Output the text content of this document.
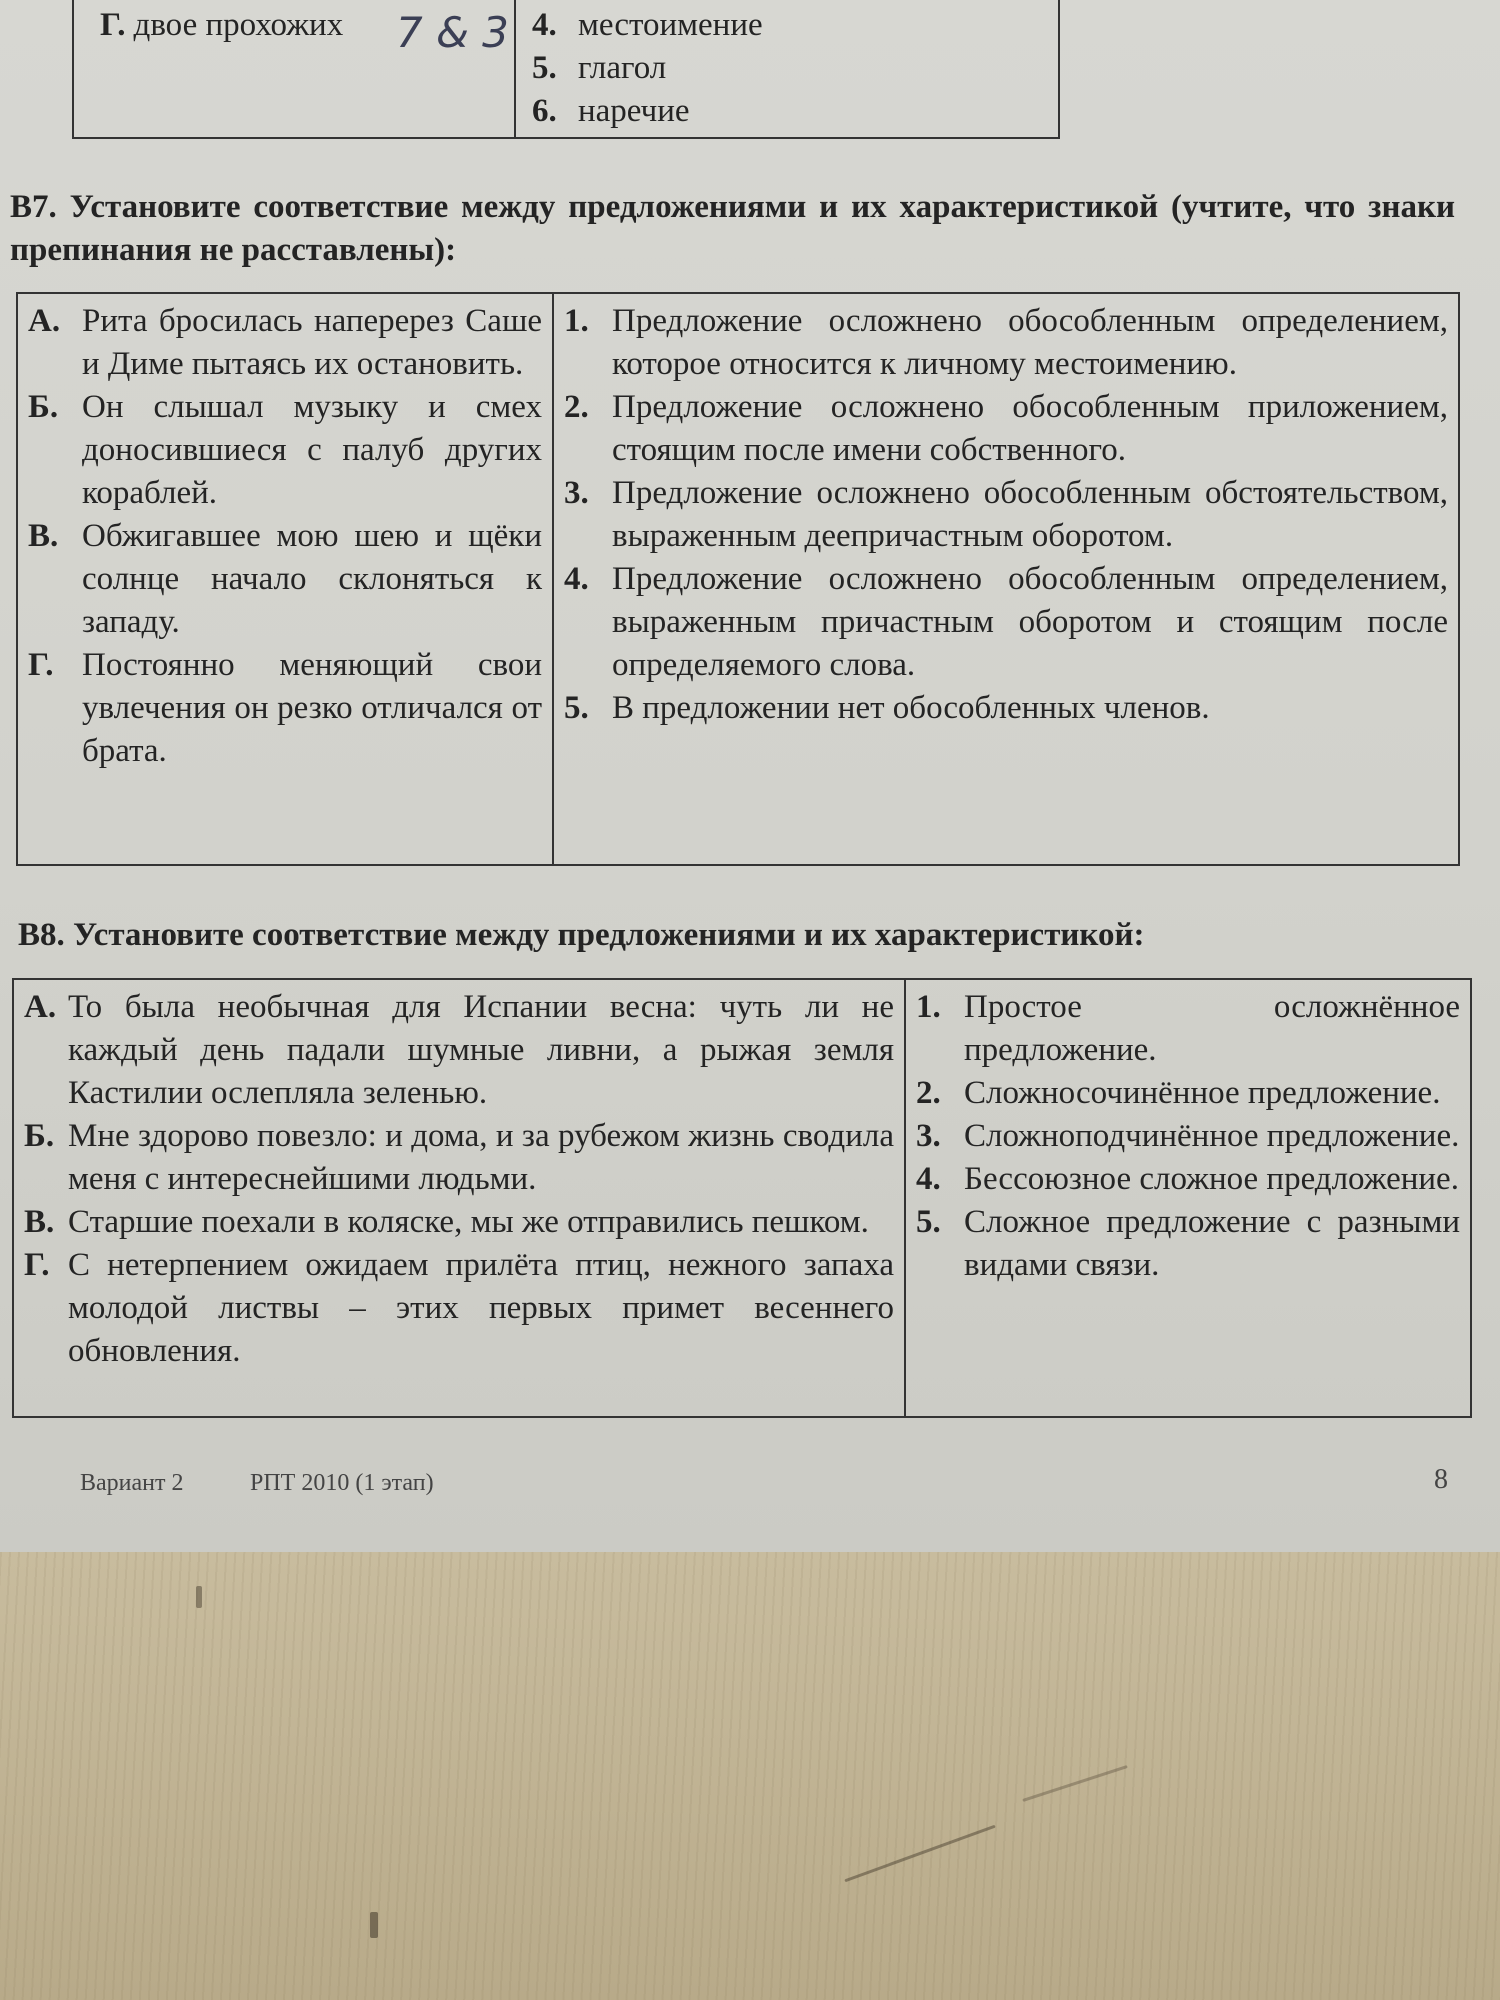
Г. двое прохожих	4. местоимение
5. глагол
6. наречие
7 & 3
В7. Установите соответствие между предложениями и их характеристикой (учтите, что знаки препинания не расставлены):
А. Рита бросилась наперерез Саше и Диме пытаясь их остановить.
Б. Он слышал музыку и смех доносившиеся с палуб других кораблей.
В. Обжигавшее мою шею и щёки солнце начало склоняться к западу.
Г. Постоянно меняющий свои увлечения он резко отличался от брата.

1. Предложение осложнено обособленным определением, которое относится к личному местоимению.
2. Предложение осложнено обособленным приложением, стоящим после имени собственного.
3. Предложение осложнено обособленным обстоятельством, выраженным деепричастным оборотом.
4. Предложение осложнено обособленным определением, выраженным причастным оборотом и стоящим после определяемого слова.
5. В предложении нет обособленных членов.
В8. Установите соответствие между предложениями и их характеристикой:
А. То была необычная для Испании весна: чуть ли не каждый день падали шумные ливни, а рыжая земля Кастилии ослепляла зеленью.
Б. Мне здорово повезло: и дома, и за рубежом жизнь сводила меня с интереснейшими людьми.
В. Старшие поехали в коляске, мы же отправились пешком.
Г. С нетерпением ожидаем прилёта птиц, нежного запаха молодой листвы – этих первых примет весеннего обновления.

1. Простое осложнённое предложение.
2. Сложносочинённое предложение.
3. Сложноподчинённое предложение.
4. Бессоюзное сложное предложение.
5. Сложное предложение с разными видами связи.
Вариант 2	РПТ 2010 (1 этап)	8
